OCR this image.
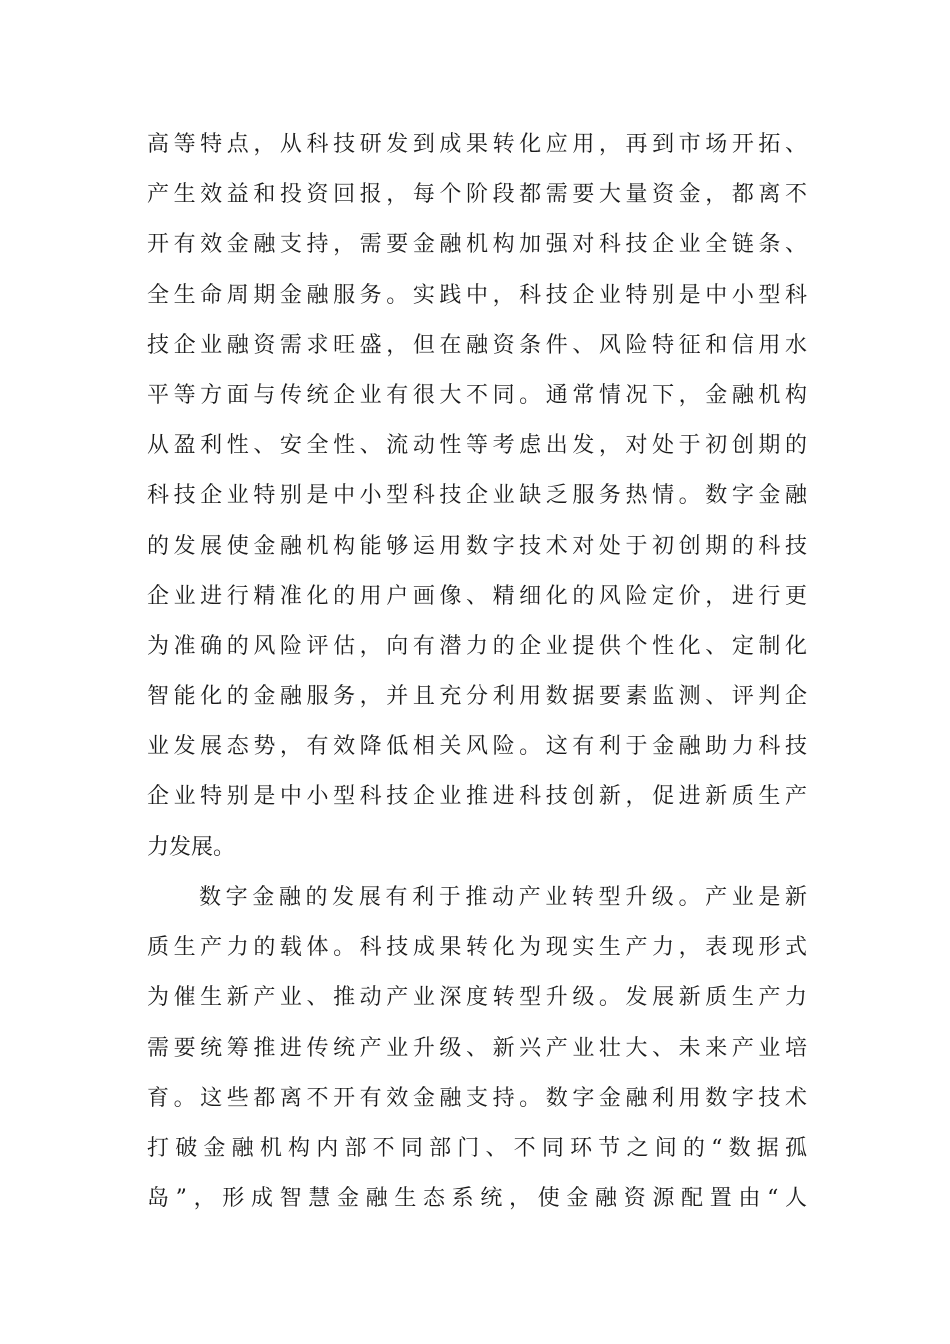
高等特点，从科技研发到成果转化应用，再到市场开拓、
产生效益和投资回报，每个阶段都需要大量资金，都离不
开有效金融支持，需要金融机构加强对科技企业全链条、
全生命周期金融服务。实践中，科技企业特别是中小型科
技企业融资需求旺盛，但在融资条件、风险特征和信用水
平等方面与传统企业有很大不同。通常情况下，金融机构
从盈利性、安全性、流动性等考虑出发，对处于初创期的
科技企业特别是中小型科技企业缺乏服务热情。数字金融
的发展使金融机构能够运用数字技术对处于初创期的科技
企业进行精准化的用户画像、精细化的风险定价，进行更
为准确的风险评估，向有潜力的企业提供个性化、定制化
智能化的金融服务，并且充分利用数据要素监测、评判企
业发展态势，有效降低相关风险。这有利于金融助力科技
企业特别是中小型科技企业推进科技创新，促进新质生产
力发展。
数字金融的发展有利于推动产业转型升级。产业是新
质生产力的载体。科技成果转化为现实生产力，表现形式
为催生新产业、推动产业深度转型升级。发展新质生产力
需要统筹推进传统产业升级、新兴产业壮大、未来产业培
育。这些都离不开有效金融支持。数字金融利用数字技术
打破金融机构内部不同部门、不同环节之间的“数据孤
岛”，形成智慧金融生态系统，使金融资源配置由“人
